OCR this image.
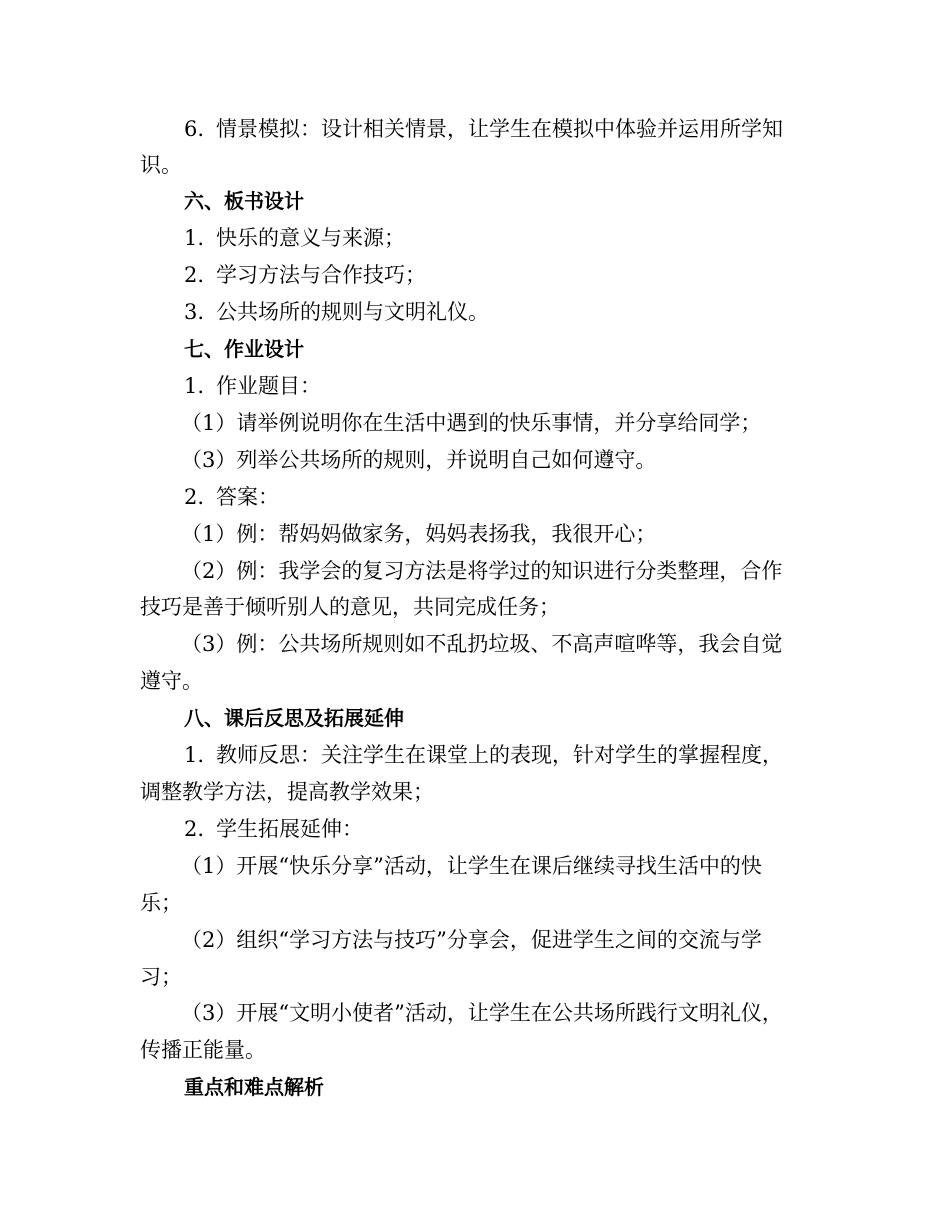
6. 情景模拟：设计相关情景，让学生在模拟中体验并运用所学知
识。
六、板书设计
1. 快乐的意义与来源；
2. 学习方法与合作技巧；
3. 公共场所的规则与文明礼仪。
七、作业设计
1. 作业题目：
（1）请举例说明你在生活中遇到的快乐事情，并分享给同学；
（3）列举公共场所的规则，并说明自己如何遵守。
2. 答案：
（1）例：帮妈妈做家务，妈妈表扬我，我很开心；
（2）例：我学会的复习方法是将学过的知识进行分类整理，合作
技巧是善于倾听别人的意见，共同完成任务；
（3）例：公共场所规则如不乱扔垃圾、不高声喧哗等，我会自觉
遵守。
八、课后反思及拓展延伸
1. 教师反思：关注学生在课堂上的表现，针对学生的掌握程度，
调整教学方法，提高教学效果；
2. 学生拓展延伸：
（1）开展“快乐分享”活动，让学生在课后继续寻找生活中的快
乐；
（2）组织“学习方法与技巧”分享会，促进学生之间的交流与学
习；
（3）开展“文明小使者”活动，让学生在公共场所践行文明礼仪，
传播正能量。
重点和难点解析
